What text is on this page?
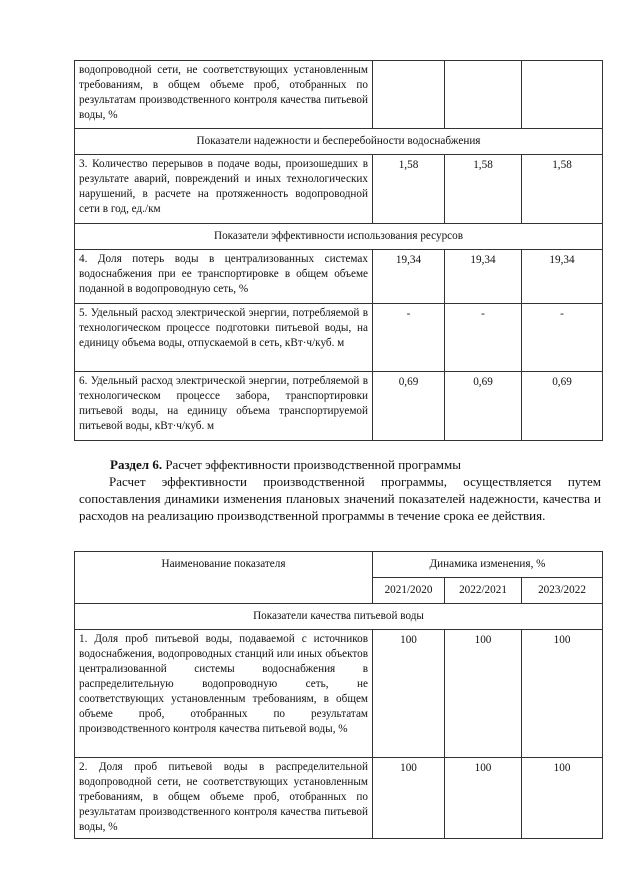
водопроводной сети, не соответствующих установленным требованиям, в общем объеме проб, отобранных по результатам производственного контроля качества питьевой воды, %			
Показатели надежности и бесперебойности водоснабжения			
3. Количество перерывов в подаче воды, произошедших в результате аварий, повреждений и иных технологических нарушений, в расчете на протяженность водопроводной сети в год, ед./км	1,58	1,58	1,58
Показатели эффективности использования ресурсов			
4. Доля потерь воды в централизованных системах водоснабжения при ее транспортировке в общем объеме поданной в водопроводную сеть, %	19,34	19,34	19,34
5. Удельный расход электрической энергии, потребляемой в технологическом процессе подготовки питьевой воды, на единицу объема воды, отпускаемой в сеть, кВт·ч/куб. м	-	-	-
6. Удельный расход электрической энергии, потребляемой в технологическом процессе забора, транспортировки питьевой воды, на единицу объема транспортируемой питьевой воды, кВт·ч/куб. м	0,69	0,69	0,69
Раздел 6. Расчет эффективности производственной программы
Расчет эффективности производственной программы, осуществляется путем сопоставления динамики изменения плановых значений показателей надежности, качества и расходов на реализацию производственной программы в течение срока ее действия.
Наименование показателя	Динамика изменения, %		
	2021/2020	2022/2021	2023/2022
Показатели качества питьевой воды			
1. Доля проб питьевой воды, подаваемой с источников водоснабжения, водопроводных станций или иных объектов централизованной системы водоснабжения в распределительную водопроводную сеть, не соответствующих установленным требованиям, в общем объеме проб, отобранных по результатам производственного контроля качества питьевой воды, %	100	100	100
2. Доля проб питьевой воды в распределительной водопроводной сети, не соответствующих установленным требованиям, в общем объеме проб, отобранных по результатам производственного контроля качества питьевой воды, %	100	100	100
